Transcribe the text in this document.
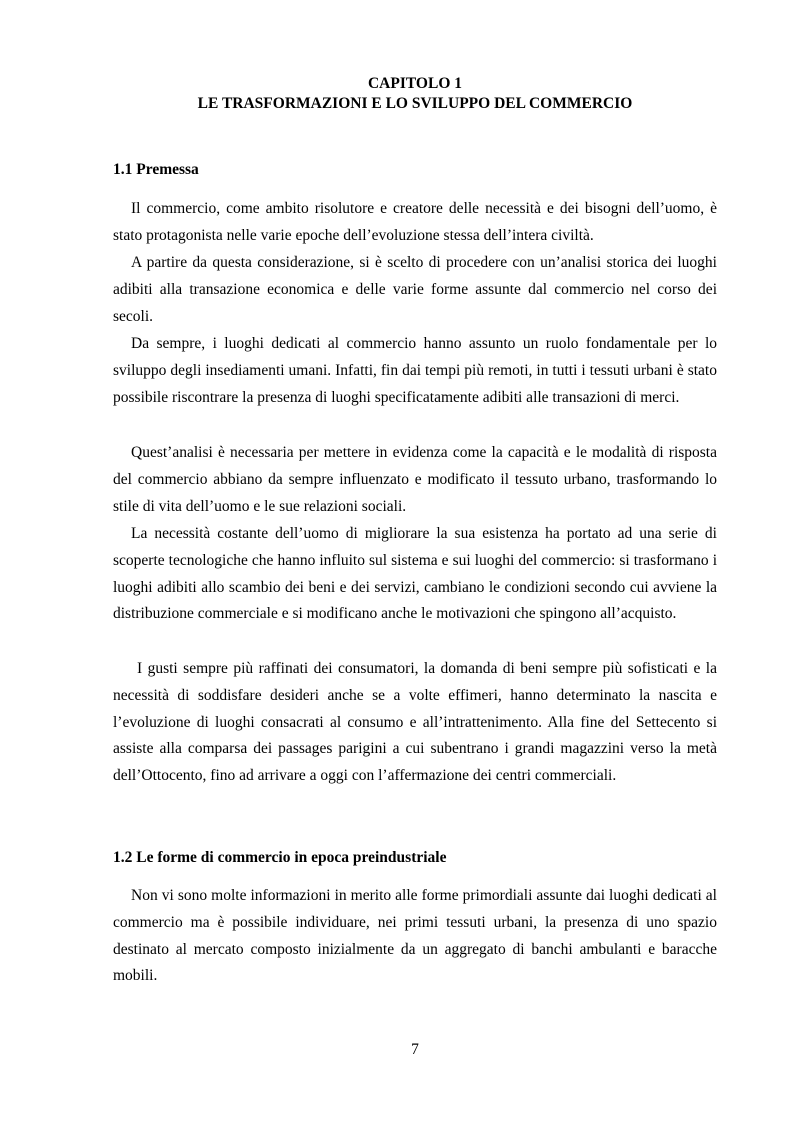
CAPITOLO 1
LE TRASFORMAZIONI E LO SVILUPPO DEL COMMERCIO
1.1 Premessa

Il commercio, come ambito risolutore e creatore delle necessità e dei bisogni dell’uomo, è stato protagonista nelle varie epoche dell’evoluzione stessa dell’intera civiltà.

A partire da questa considerazione, si è scelto di procedere con un’analisi storica dei luoghi adibiti alla transazione economica e delle varie forme assunte dal commercio nel corso dei secoli.

Da sempre, i luoghi dedicati al commercio hanno assunto un ruolo fondamentale per lo sviluppo degli insediamenti umani. Infatti, fin dai tempi più remoti, in tutti i tessuti urbani è stato possibile riscontrare la presenza di luoghi specificatamente adibiti alle transazioni di merci.

Quest’analisi è necessaria per mettere in evidenza come la capacità e le modalità di risposta del commercio abbiano da sempre influenzato e modificato il tessuto urbano, trasformando lo stile di vita dell’uomo e le sue relazioni sociali.

La necessità costante dell’uomo di migliorare la sua esistenza ha portato ad una serie di scoperte tecnologiche che hanno influito sul sistema e sui luoghi del commercio: si trasformano i luoghi adibiti allo scambio dei beni e dei servizi, cambiano le condizioni secondo cui avviene la distribuzione commerciale e si modificano anche le motivazioni che spingono all’acquisto.

I gusti sempre più raffinati dei consumatori, la domanda di beni sempre più sofisticati e la necessità di soddisfare desideri anche se a volte effimeri, hanno determinato la nascita e l’evoluzione di luoghi consacrati al consumo e all’intrattenimento. Alla fine del Settecento si assiste alla comparsa dei passages parigini a cui subentrano i grandi magazzini verso la metà dell’Ottocento, fino ad arrivare a oggi con l’affermazione dei centri commerciali.

1.2 Le forme di commercio in epoca preindustriale

Non vi sono molte informazioni in merito alle forme primordiali assunte dai luoghi dedicati al commercio ma è possibile individuare, nei primi tessuti urbani, la presenza di uno spazio destinato al mercato composto inizialmente da un aggregato di banchi ambulanti e baracche mobili.

7
